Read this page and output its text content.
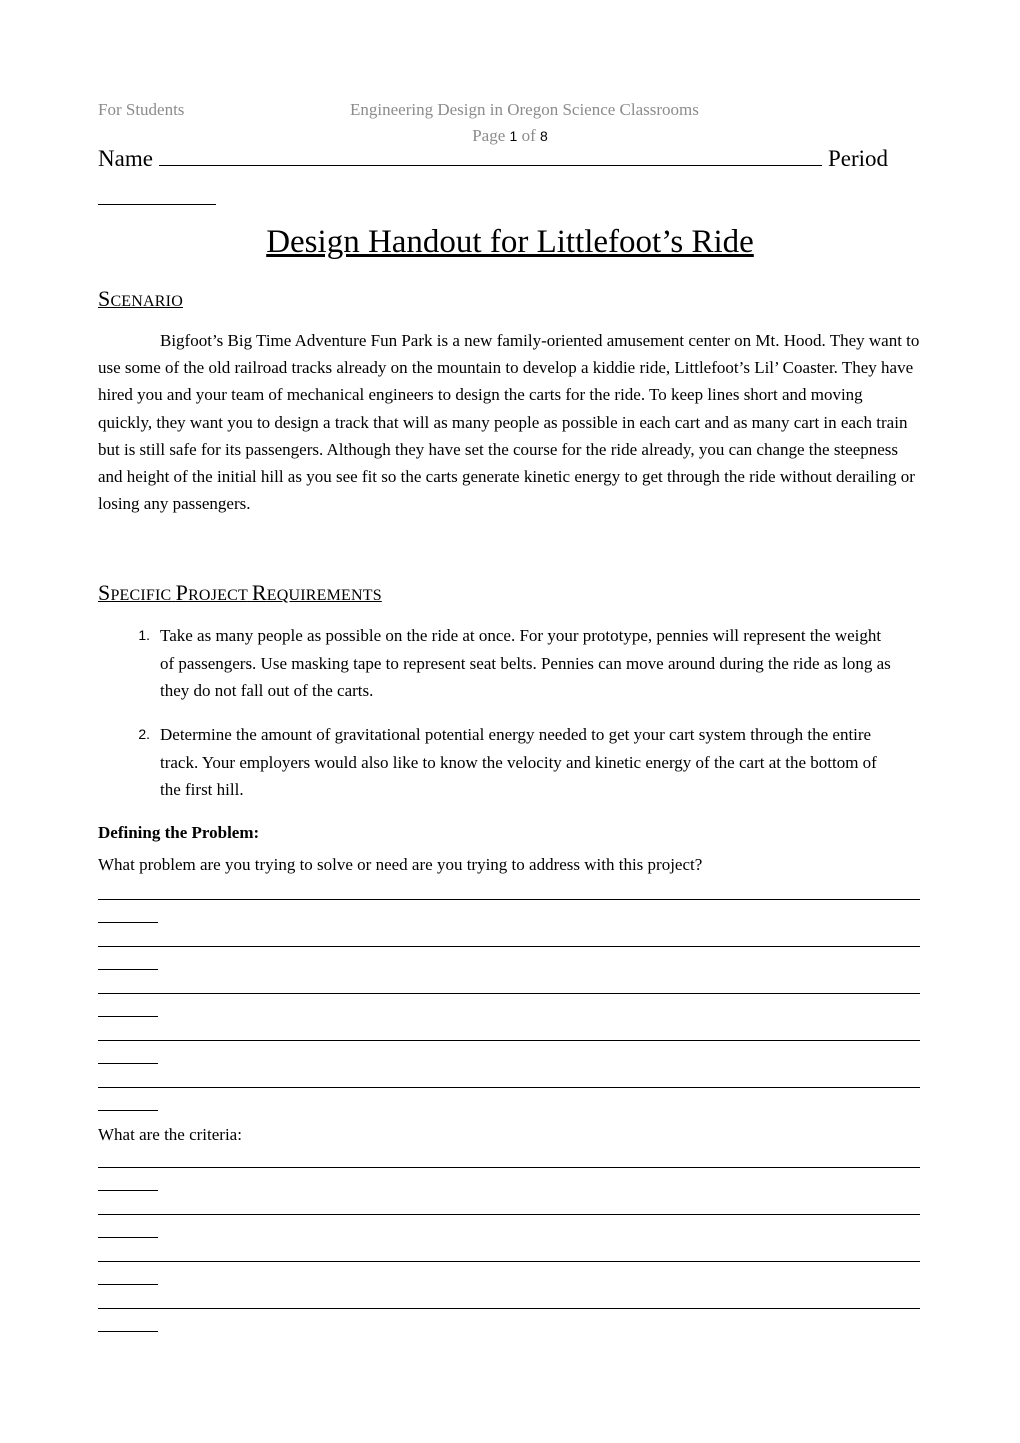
For Students	Engineering Design in Oregon Science Classrooms
Page 1 of 8
Name	Period
Design Handout for Littlefoot’s Ride
SCENARIO

Bigfoot’s Big Time Adventure Fun Park is a new family-oriented amusement center on Mt. Hood. They want to use some of the old railroad tracks already on the mountain to develop a kiddie ride, Littlefoot’s Lil’ Coaster. They have hired you and your team of mechanical engineers to design the carts for the ride. To keep lines short and moving quickly, they want you to design a track that will as many people as possible in each cart and as many cart in each train but is still safe for its passengers. Although they have set the course for the ride already, you can change the steepness and height of the initial hill as you see fit so the carts generate kinetic energy to get through the ride without derailing or losing any passengers.

SPECIFIC PROJECT REQUIREMENTS
1. Take as many people as possible on the ride at once. For your prototype, pennies will represent the weight of passengers. Use masking tape to represent seat belts. Pennies can move around during the ride as long as they do not fall out of the carts.
2. Determine the amount of gravitational potential energy needed to get your cart system through the entire track. Your employers would also like to know the velocity and kinetic energy of the cart at the bottom of the first hill.
Defining the Problem:
What problem are you trying to solve or need are you trying to address with this project?
What are the criteria:
